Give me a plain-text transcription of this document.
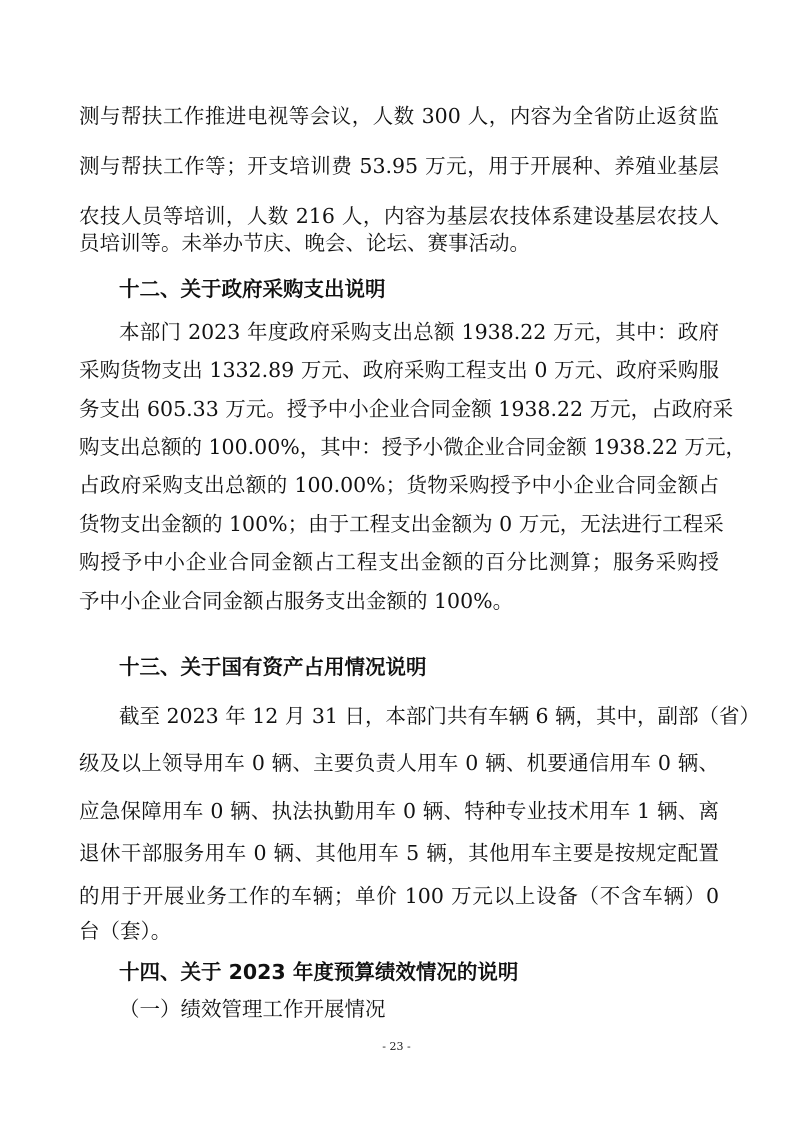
测与帮扶工作推进电视等会议，人数 300 人，内容为全省防止返贫监
测与帮扶工作等；开支培训费 53.95 万元，用于开展种、养殖业基层
农技人员等培训，人数 216 人，内容为基层农技体系建设基层农技人
员培训等。未举办节庆、晚会、论坛、赛事活动。
十二、关于政府采购支出说明
本部门 2023 年度政府采购支出总额 1938.22 万元，其中：政府
采购货物支出 1332.89 万元、政府采购工程支出 0 万元、政府采购服
务支出 605.33 万元。授予中小企业合同金额 1938.22 万元，占政府采
购支出总额的 100.00%，其中：授予小微企业合同金额 1938.22 万元，
占政府采购支出总额的 100.00%；货物采购授予中小企业合同金额占
货物支出金额的 100%；由于工程支出金额为 0 万元，无法进行工程采
购授予中小企业合同金额占工程支出金额的百分比测算；服务采购授
予中小企业合同金额占服务支出金额的 100%。
十三、关于国有资产占用情况说明
截至 2023 年 12 月 31 日，本部门共有车辆 6 辆，其中，副部（省）
级及以上领导用车 0 辆、主要负责人用车 0 辆、机要通信用车 0 辆、
应急保障用车 0 辆、执法执勤用车 0 辆、特种专业技术用车 1 辆、离
退休干部服务用车 0 辆、其他用车 5 辆，其他用车主要是按规定配置
的用于开展业务工作的车辆；单价 100 万元以上设备（不含车辆）0
台（套）。
十四、关于 2023 年度预算绩效情况的说明
（一）绩效管理工作开展情况
- 23 -
